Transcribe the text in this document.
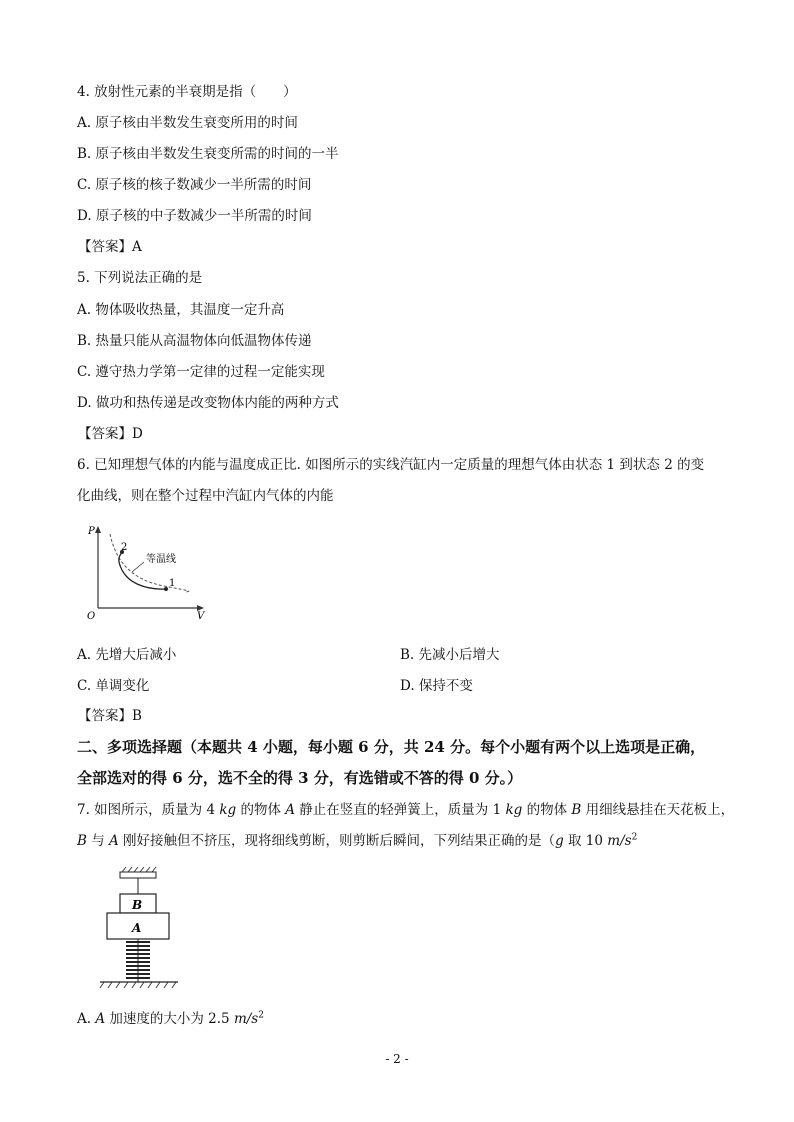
4. 放射性元素的半衰期是指（　　）
A. 原子核由半数发生衰变所用的时间
B. 原子核由半数发生衰变所需的时间的一半
C. 原子核的核子数减少一半所需的时间
D. 原子核的中子数减少一半所需的时间
【答案】A
5. 下列说法正确的是
A. 物体吸收热量，其温度一定升高
B. 热量只能从高温物体向低温物体传递
C. 遵守热力学第一定律的过程一定能实现
D. 做功和热传递是改变物体内能的两种方式
【答案】D
6. 已知理想气体的内能与温度成正比. 如图所示的实线汽缸内一定质量的理想气体由状态 1 到状态 2 的变
化曲线，则在整个过程中汽缸内气体的内能
P
V
O
2
1
等温线
A. 先增大后减小	B. 先减小后增大
C. 单调变化	D. 保持不变
【答案】B
二、多项选择题（本题共 4 小题，每小题 6 分，共 24 分。每个小题有两个以上选项是正确，
全部选对的得 6 分，选不全的得 3 分，有选错或不答的得 0 分。）
7. 如图所示，质量为 4 kg 的物体 A 静止在竖直的轻弹簧上，质量为 1 kg 的物体 B 用细线悬挂在天花板上，
B 与 A 刚好接触但不挤压，现将细线剪断，则剪断后瞬间，下列结果正确的是（g 取 10 $m/s^2$
B
A
A. A 加速度的大小为 2.5 $m/s^2$
- 2 -
